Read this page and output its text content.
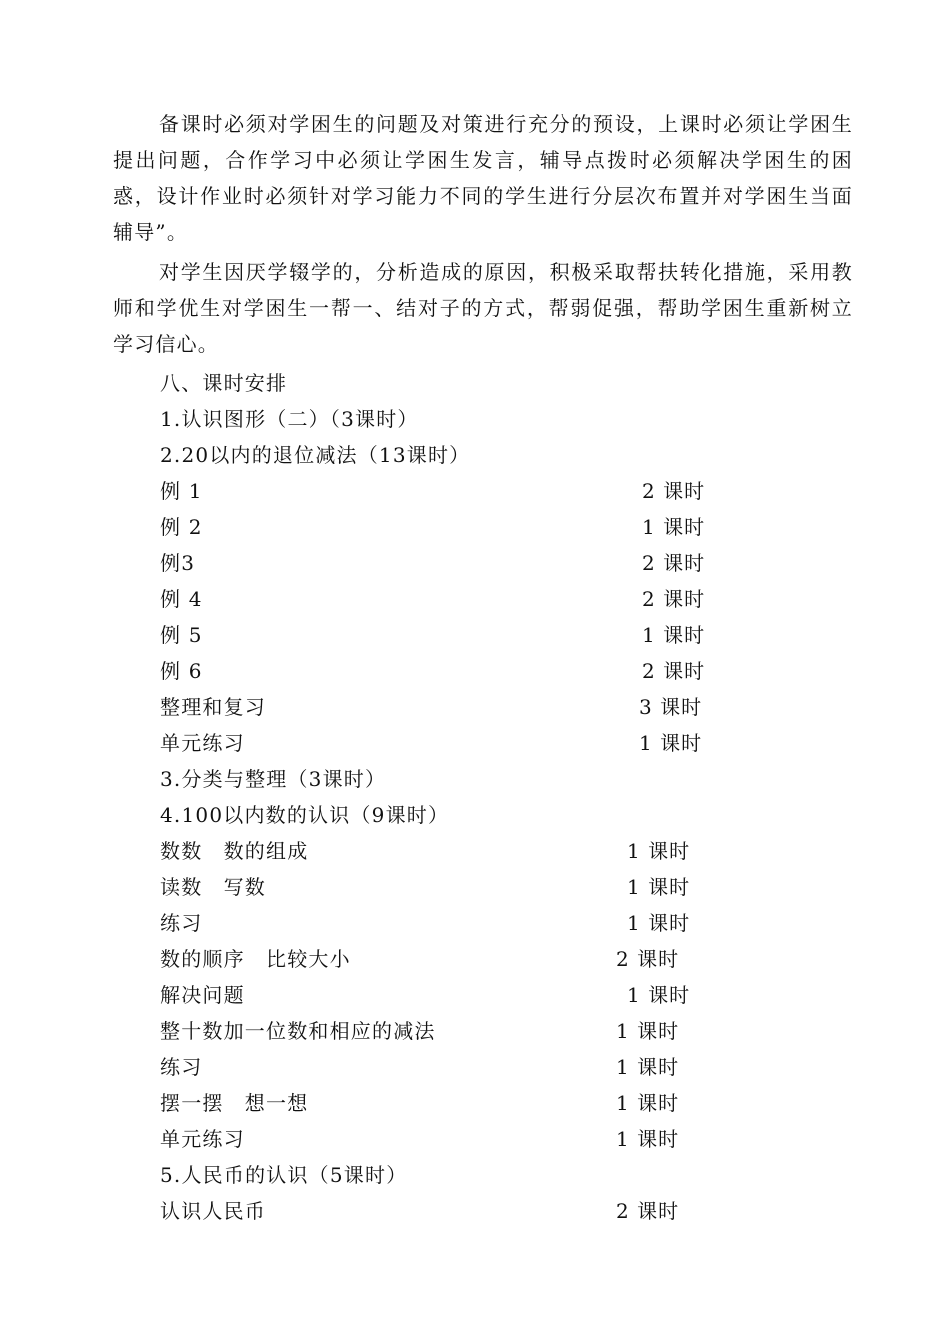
备课时必须对学困生的问题及对策进行充分的预设，上课时必须让学困生提出问题，合作学习中必须让学困生发言，辅导点拨时必须解决学困生的困惑，设计作业时必须针对学习能力不同的学生进行分层次布置并对学困生当面辅导”。

对学生因厌学辍学的，分析造成的原因，积极采取帮扶转化措施，采用教师和学优生对学困生一帮一、结对子的方式，帮弱促强，帮助学困生重新树立学习信心。

八、课时安排
1.认识图形（二）（3课时）
2.20以内的退位减法（13课时）
例 1	2 课时
例 2	1 课时
例3	2 课时
例 4	2 课时
例 5	1 课时
例 6	2 课时
整理和复习	3 课时
单元练习	1 课时
3.分类与整理（3课时）
4.100以内数的认识（9课时）
数数　数的组成	1 课时
读数　写数	1 课时
练习	1 课时
数的顺序　比较大小	2 课时
解决问题	1 课时
整十数加一位数和相应的减法	1 课时
练习	1 课时
摆一摆　想一想	1 课时
单元练习	1 课时
5.人民币的认识（5课时）
认识人民币	2 课时
